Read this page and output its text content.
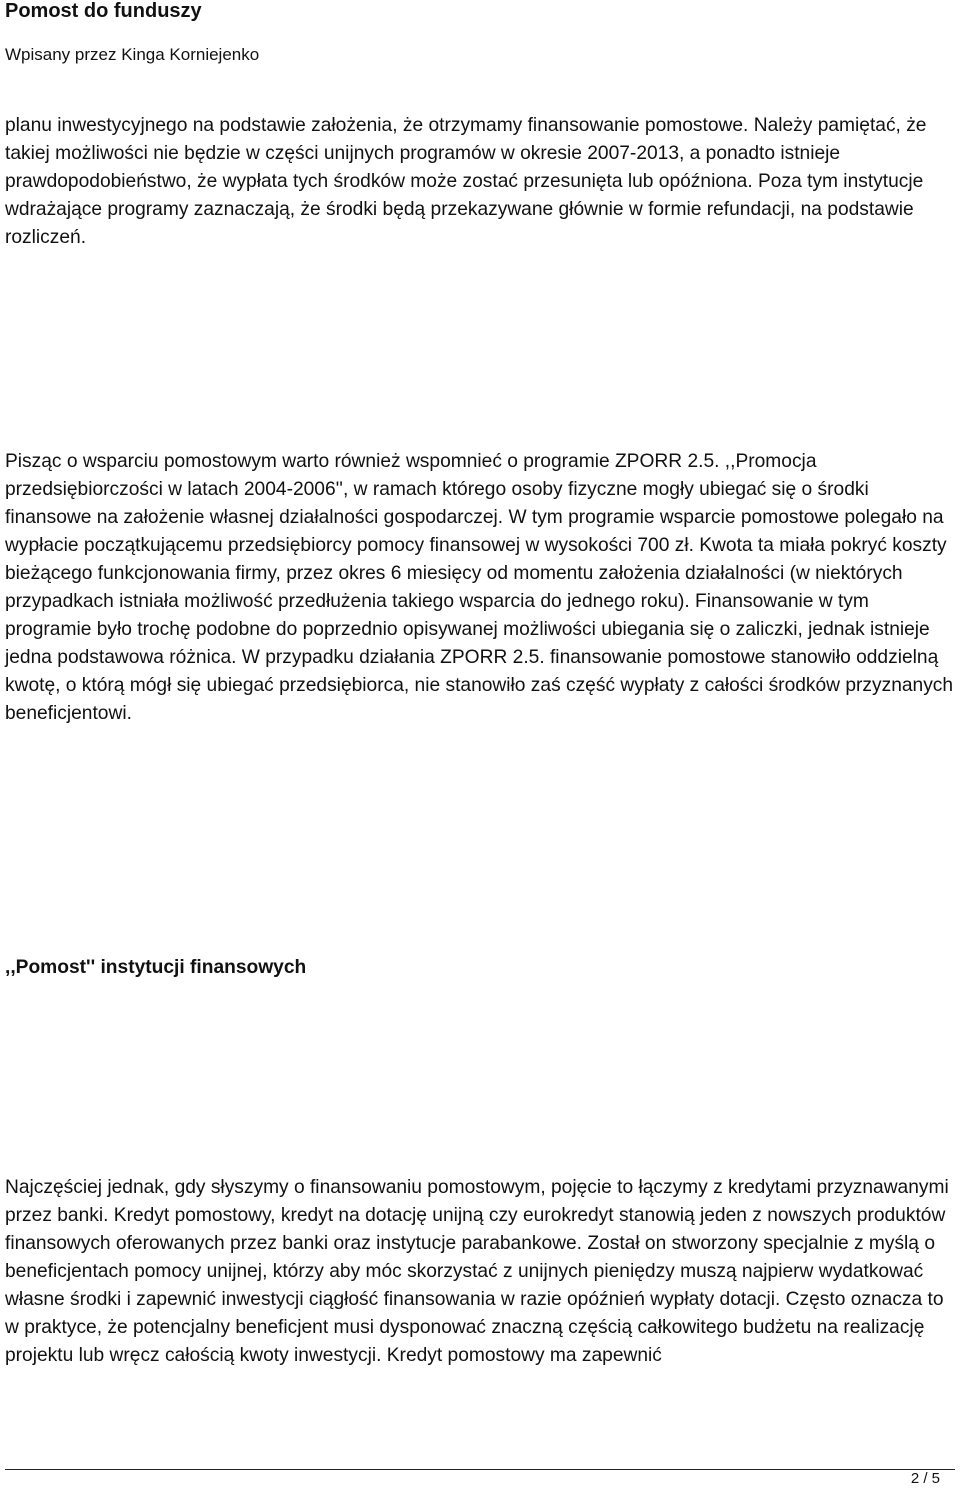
Pomost do funduszy
Wpisany przez Kinga Korniejenko

planu inwestycyjnego na podstawie założenia, że otrzymamy finansowanie pomostowe. Należy pamiętać, że takiej możliwości nie będzie w części unijnych programów w okresie 2007-2013, a ponadto istnieje prawdopodobieństwo, że wypłata tych środków może zostać przesunięta lub opóźniona. Poza tym instytucje wdrażające programy zaznaczają, że środki będą przekazywane głównie w formie refundacji, na podstawie rozliczeń.

Pisząc o wsparciu pomostowym warto również wspomnieć o programie ZPORR 2.5. ,,Promocja przedsiębiorczości w latach 2004-2006'', w ramach którego osoby fizyczne mogły ubiegać się o środki finansowe na założenie własnej działalności gospodarczej. W tym programie wsparcie pomostowe polegało na wypłacie początkującemu przedsiębiorcy pomocy finansowej w wysokości 700 zł. Kwota ta miała pokryć koszty bieżącego funkcjonowania firmy, przez okres 6 miesięcy od momentu założenia działalności (w niektórych przypadkach istniała możliwość przedłużenia takiego wsparcia do jednego roku). Finansowanie w tym programie było trochę podobne do poprzednio opisywanej możliwości ubiegania się o zaliczki, jednak istnieje jedna podstawowa różnica. W przypadku działania ZPORR 2.5. finansowanie pomostowe stanowiło oddzielną kwotę, o którą mógł się ubiegać przedsiębiorca, nie stanowiło zaś część wypłaty z całości środków przyznanych beneficjentowi.

,,Pomost'' instytucji finansowych

Najczęściej jednak, gdy słyszymy o finansowaniu pomostowym, pojęcie to łączymy z kredytami przyznawanymi przez banki. Kredyt pomostowy, kredyt na dotację unijną czy eurokredyt stanowią jeden z nowszych produktów finansowych oferowanych przez banki oraz instytucje parabankowe. Został on stworzony specjalnie z myślą o beneficjentach pomocy unijnej, którzy aby móc skorzystać z unijnych pieniędzy muszą najpierw wydatkować własne środki i zapewnić inwestycji ciągłość finansowania w razie opóźnień wypłaty dotacji. Często oznacza to w praktyce, że potencjalny beneficjent musi dysponować znaczną częścią całkowitego budżetu na realizację projektu lub wręcz całością kwoty inwestycji. Kredyt pomostowy ma zapewnić

2 / 5
